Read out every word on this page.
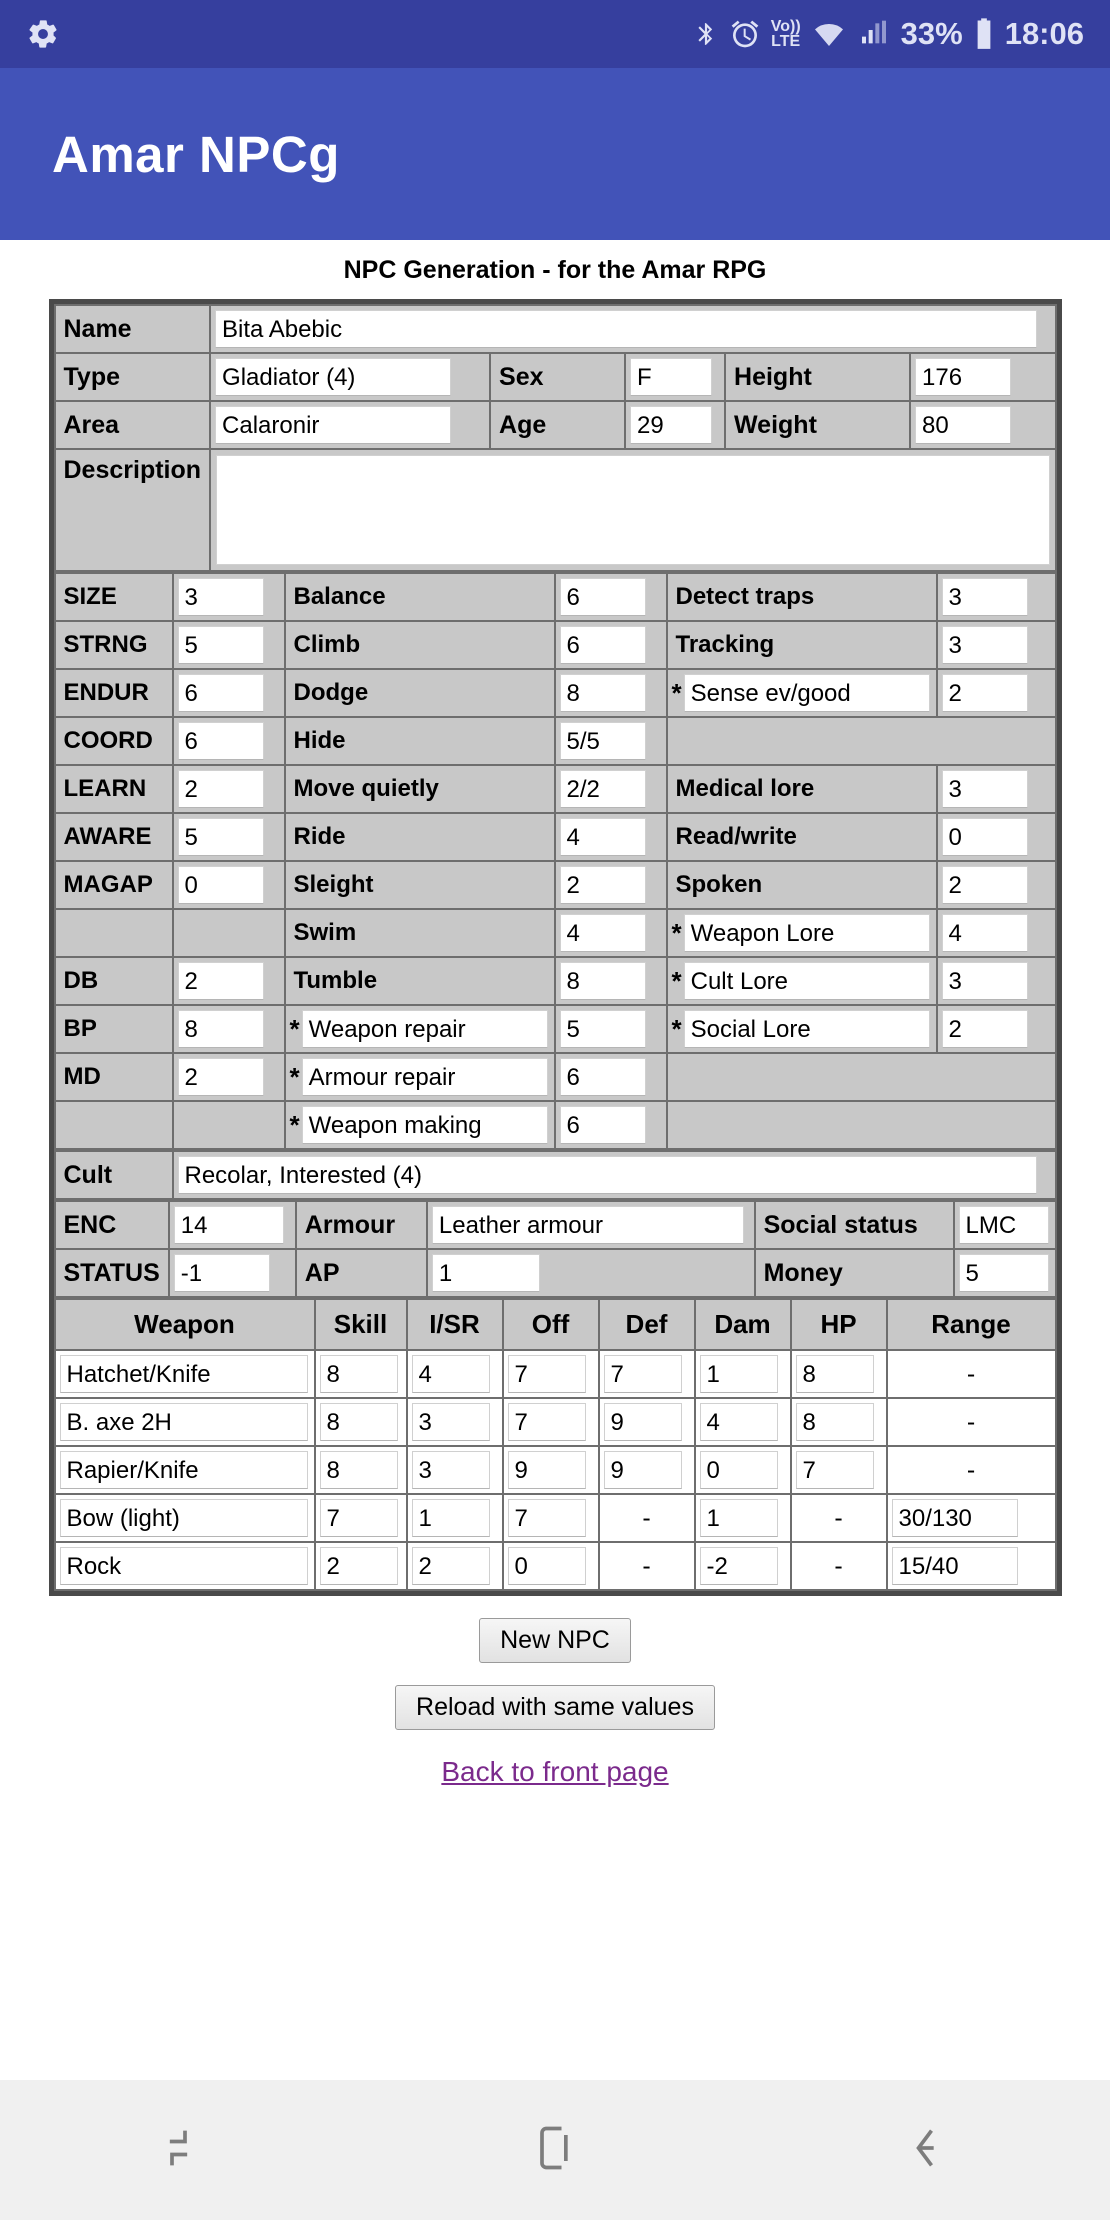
Vo))
LTE	33% 18:06
Amar NPCg
NPC Generation - for the Amar RPG
Name	Bita Abebic				

Type	Gladiator (4)	Sex	F	Height	176

Area	Calaronir	Age	29	Weight	80

Description

SIZE	3	Balance	6	Detect traps	3

STRNG	5	Climb	6	Tracking	3

ENDUR	6	Dodge	8	* Sense ev/good	2

COORD	6	Hide	5/5		

LEARN	2	Move quietly	2/2	Medical lore	3

AWARE	5	Ride	4	Read/write	0

MAGAP	0	Sleight	2	Spoken	2

		Swim	4	* Weapon Lore	4

DB	2	Tumble	8	* Cult Lore	3

BP	8	* Weapon repair	5	* Social Lore	2

MD	2	* Armour repair	6		

		* Weapon making	6		

Cult	Recolar, Interested (4)
ENC	14	Armour	Leather armour	Social status	LMC

STATUS	-1	AP	1	Money	5
Weapon	Skill	I/SR	Off	Def	Dam	HP	Range

Hatchet/Knife	8	4	7	7	1	8	-

B. axe 2H	8	3	7	9	4	8	-

Rapier/Knife	8	3	9	9	0	7	-

Bow (light)	7	1	7	-	1	-	30/130

Rock	2	2	0	-	-2	-	15/40
New NPC
Reload with same values
Back to front page
